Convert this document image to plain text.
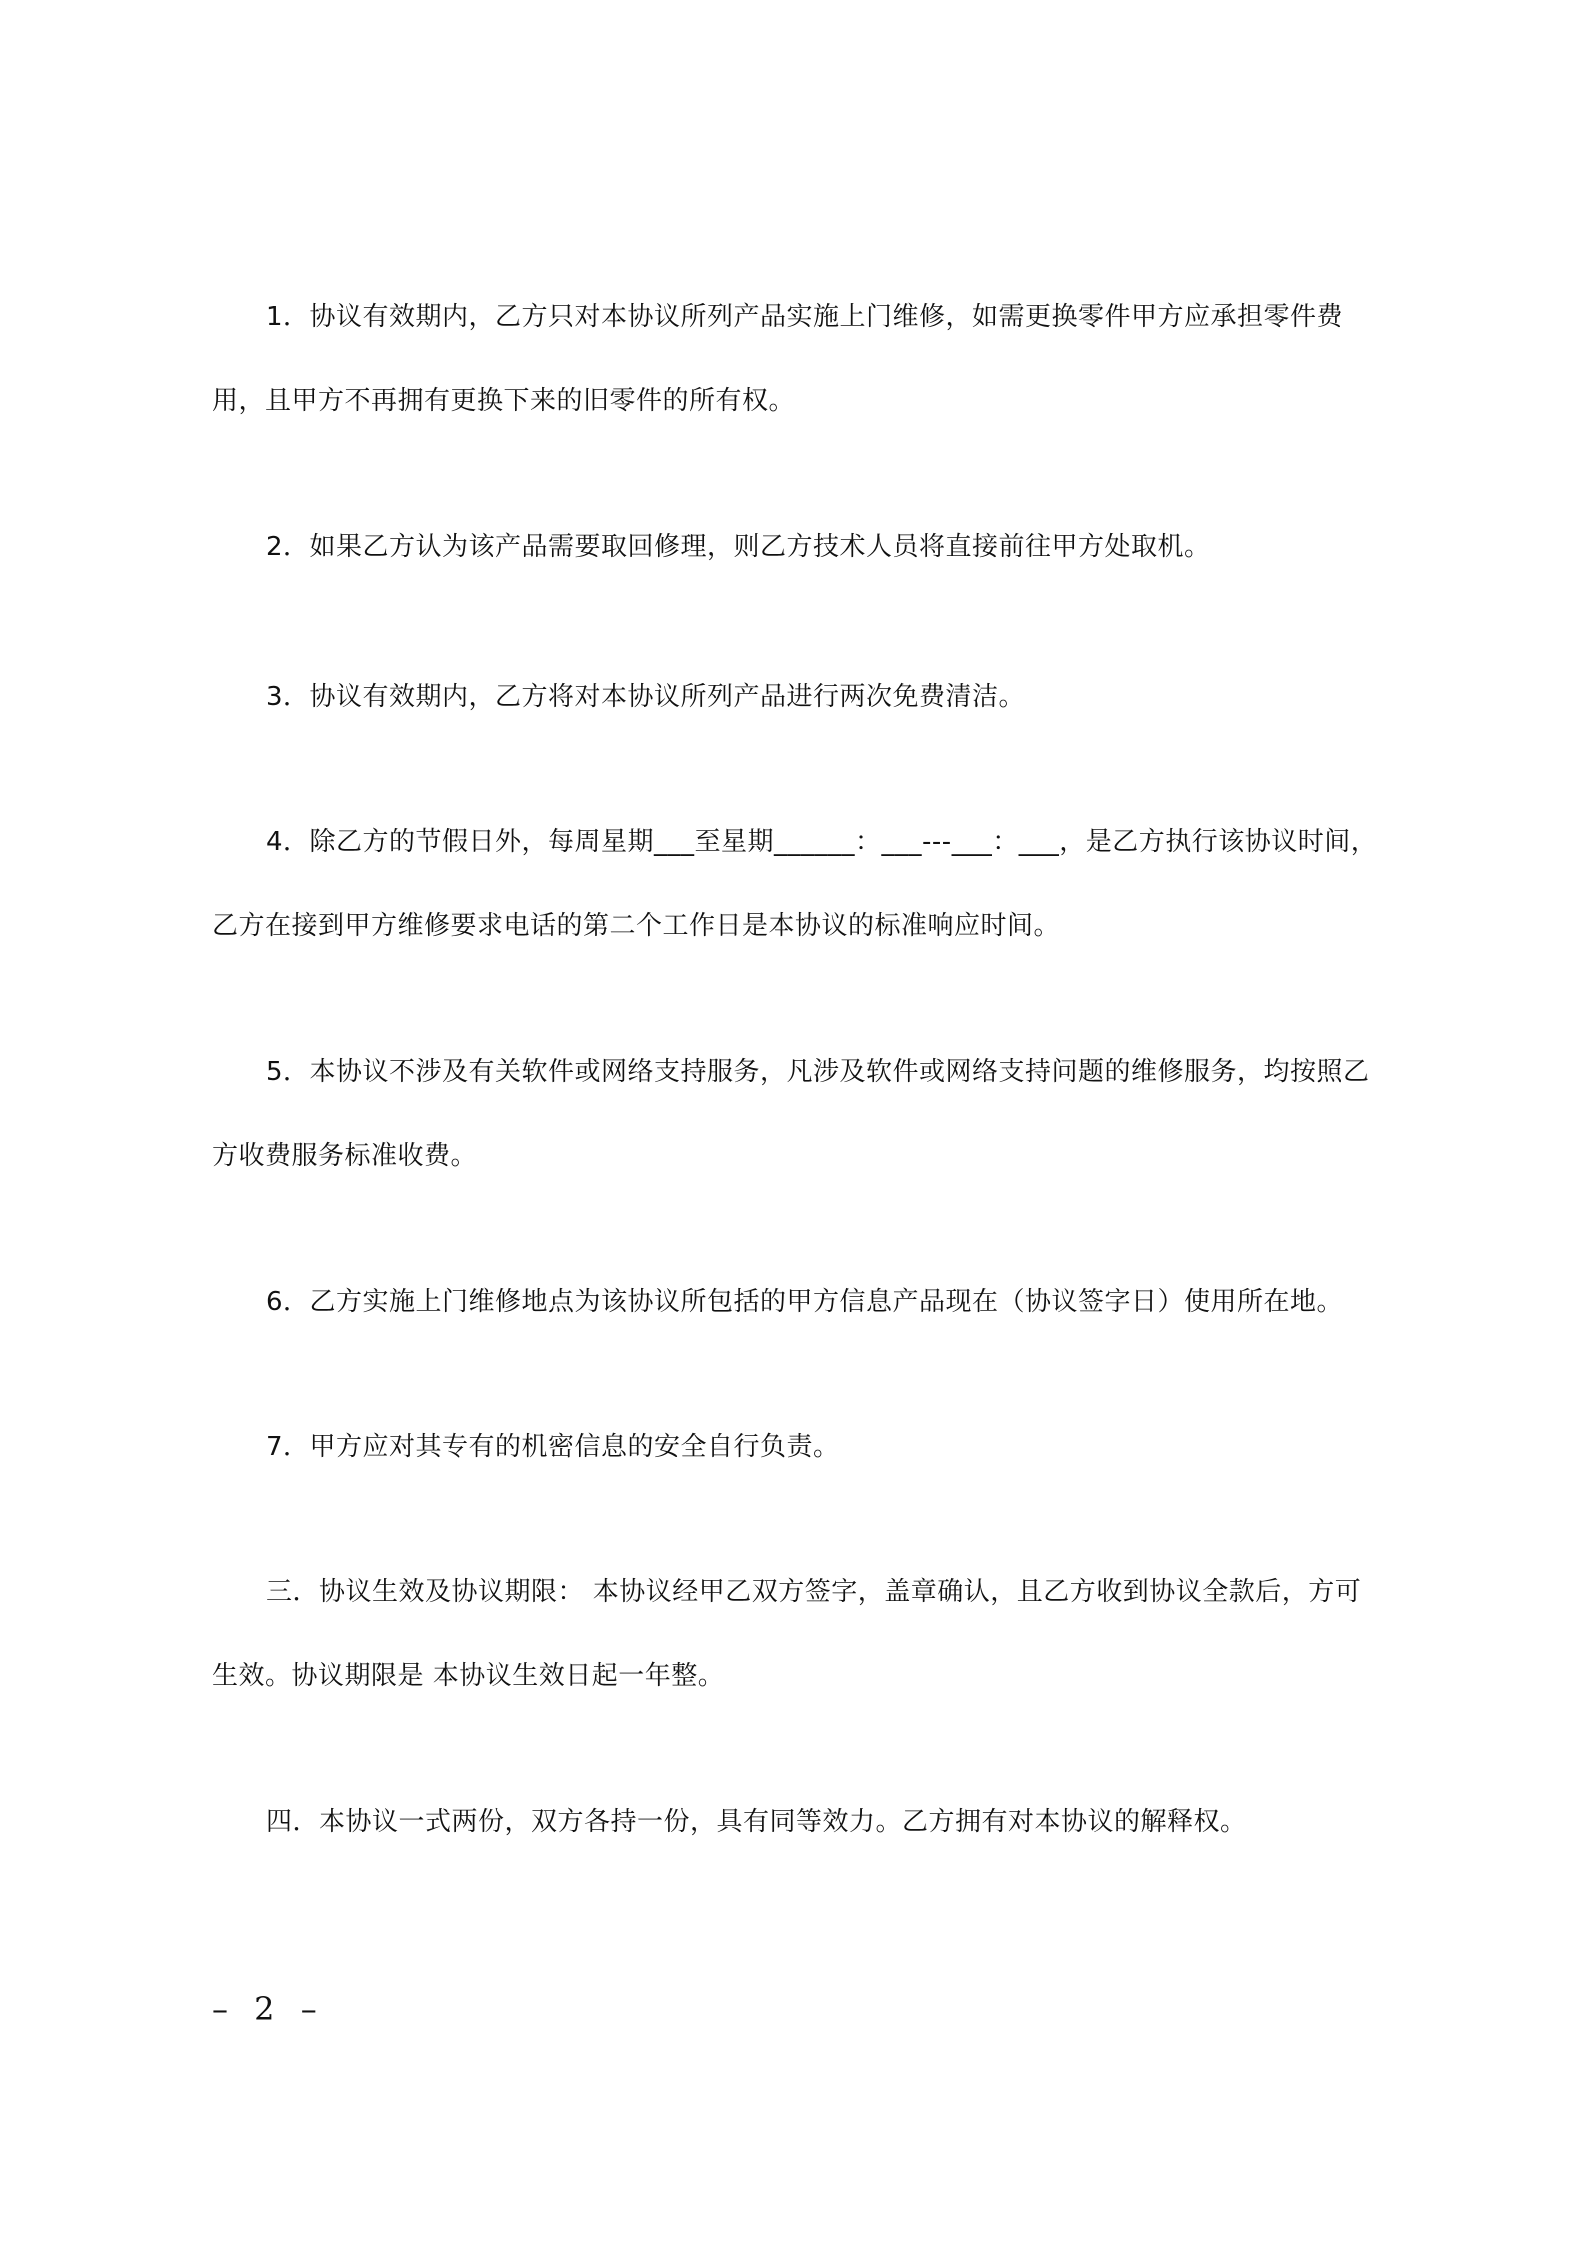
1．协议有效期内，乙方只对本协议所列产品实施上门维修，如需更换零件甲方应承担零件费用，且甲方不再拥有更换下来的旧零件的所有权。

2．如果乙方认为该产品需要取回修理，则乙方技术人员将直接前往甲方处取机。

3．协议有效期内，乙方将对本协议所列产品进行两次免费清洁。

4．除乙方的节假日外，每周星期___至星期______：___---___：___，是乙方执行该协议时间，乙方在接到甲方维修要求电话的第二个工作日是本协议的标准响应时间。

5．本协议不涉及有关软件或网络支持服务，凡涉及软件或网络支持问题的维修服务，均按照乙方收费服务标准收费。

6．乙方实施上门维修地点为该协议所包括的甲方信息产品现在（协议签字日）使用所在地。

7．甲方应对其专有的机密信息的安全自行负责。

三．协议生效及协议期限： 本协议经甲乙双方签字，盖章确认，且乙方收到协议全款后，方可生效。协议期限是 本协议生效日起一年整。

四．本协议一式两份，双方各持一份，具有同等效力。乙方拥有对本协议的解释权。

– 2 –
